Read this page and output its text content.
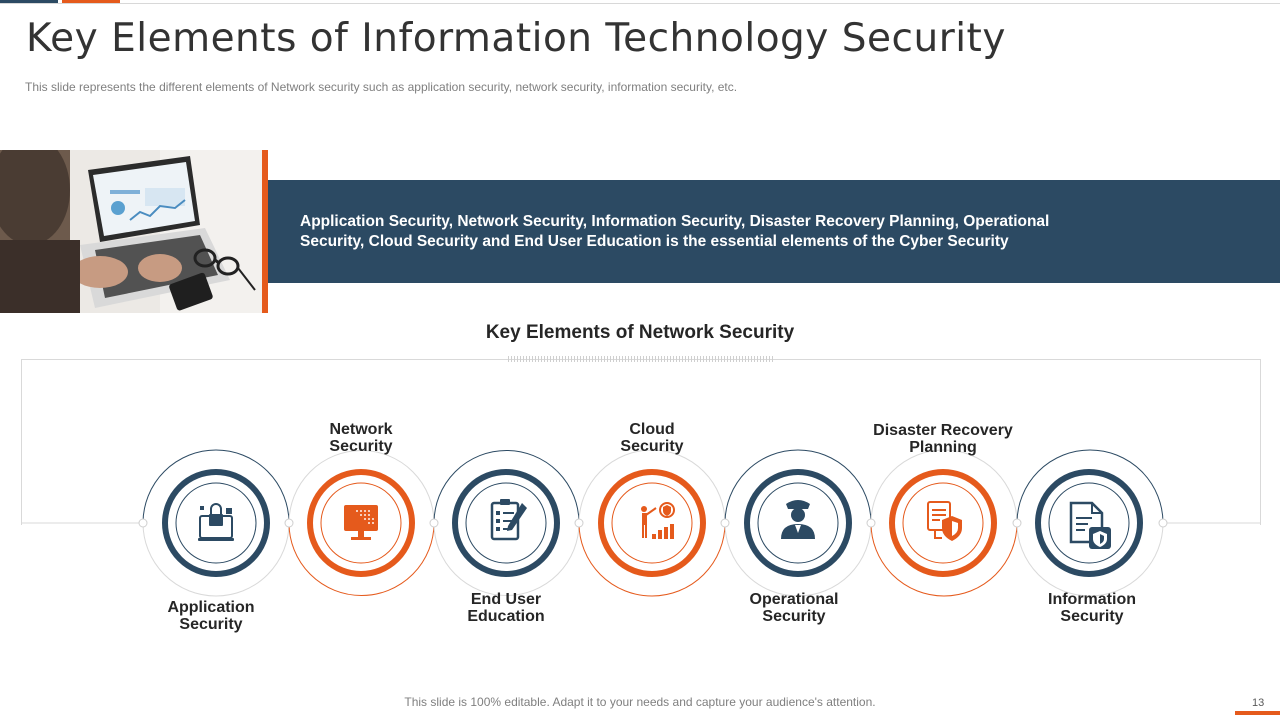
Key Elements of Information Technology Security

This slide represents the different elements of Network security such as application security, network security, information security, etc.

Application Security, Network Security, Information Security, Disaster Recovery Planning, Operational Security, Cloud Security and End User Education is the essential elements of the Cyber Security

Key Elements of Network Security

Application
Security

Network
Security

End User
Education

Cloud
Security

Operational
Security

Disaster Recovery
Planning

Information
Security

This slide is 100% editable. Adapt it to your needs and capture your audience's attention.	13
